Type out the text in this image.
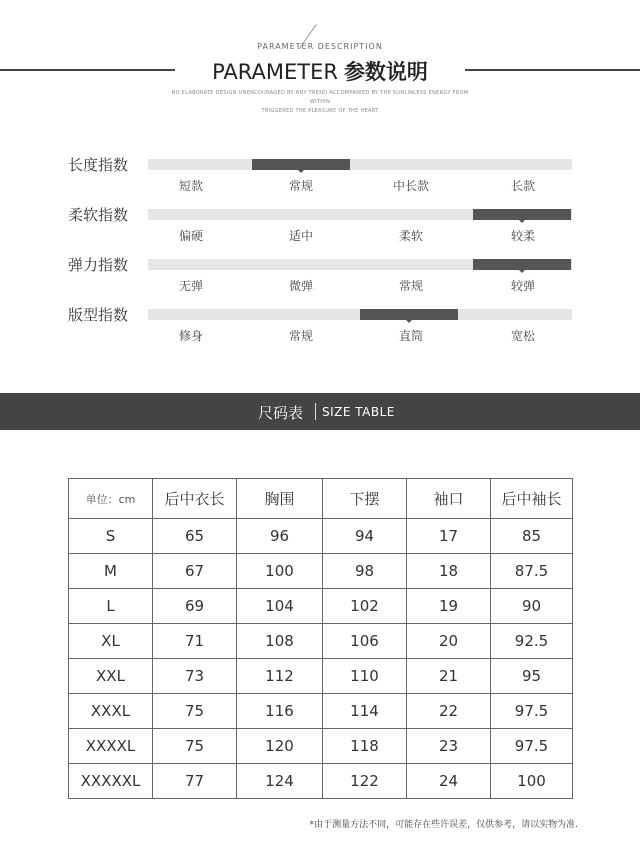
PARAMETER DESCRIPTION
PARAMETER 参数说明
NO ELABORATE DESIGN UNENCOURAGED BY ANY TREND ACCOMPANIED BY THE SUNLINLESS ENERGY FROM WITHIN
TRIGGERED THE PLEASURE OF THE HEART
长度指数
短款	常规	中长款	长款
柔软指数
偏硬	适中	柔软	较柔
弹力指数
无弹	微弹	常规	较弹
版型指数
修身	常规	直筒	宽松
尺码表 SIZE TABLE
单位：cm	后中衣长	胸围	下摆	袖口	后中袖长
S	65	96	94	17	85
M	67	100	98	18	87.5
L	69	104	102	19	90
XL	71	108	106	20	92.5
XXL	73	112	110	21	95
XXXL	75	116	114	22	97.5
XXXXL	75	120	118	23	97.5
XXXXXL	77	124	122	24	100
*由于测量方法不同，可能存在些许误差，仅供参考，请以实物为准.
